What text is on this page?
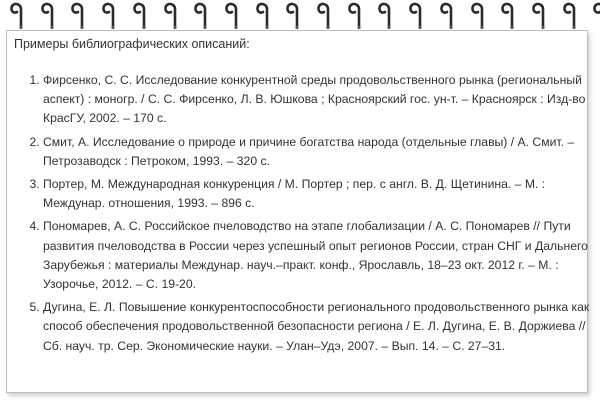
Примеры библиографических описаний:
1. Фирсенко, С. С. Исследование конкурентной среды продовольственного рынка (региональный аспект) : моногр. / С. С. Фирсенко, Л. В. Юшкова ; Красноярский гос. ун-т. – Красноярск : Изд-во КрасГУ, 2002. – 170 с.
2. Смит, А. Исследование о природе и причине богатства народа (отдельные главы) / А. Смит. – Петрозаводск : Петроком, 1993. – 320 с.
3. Портер, М. Международная конкуренция / М. Портер ; пер. с англ. В. Д. Щетинина. – М. : Междунар. отношения, 1993. – 896 с.
4. Пономарев, А. С. Российское пчеловодство на этапе глобализации / А. С. Пономарев // Пути развития пчеловодства в России через успешный опыт регионов России, стран СНГ и Дальнего Зарубежья : материалы Междунар. науч.–практ. конф., Ярославль, 18–23 окт. 2012 г. – М. : Узорочье, 2012. – С. 19-20.
5. Дугина, Е. Л. Повышение конкурентоспособности регионального продовольственного рынка как способ обеспечения продовольственной безопасности региона / Е. Л. Дугина, Е. В. Доржиева // Сб. науч. тр. Сер. Экономические науки. – Улан–Удэ, 2007. – Вып. 14. – С. 27–31.
